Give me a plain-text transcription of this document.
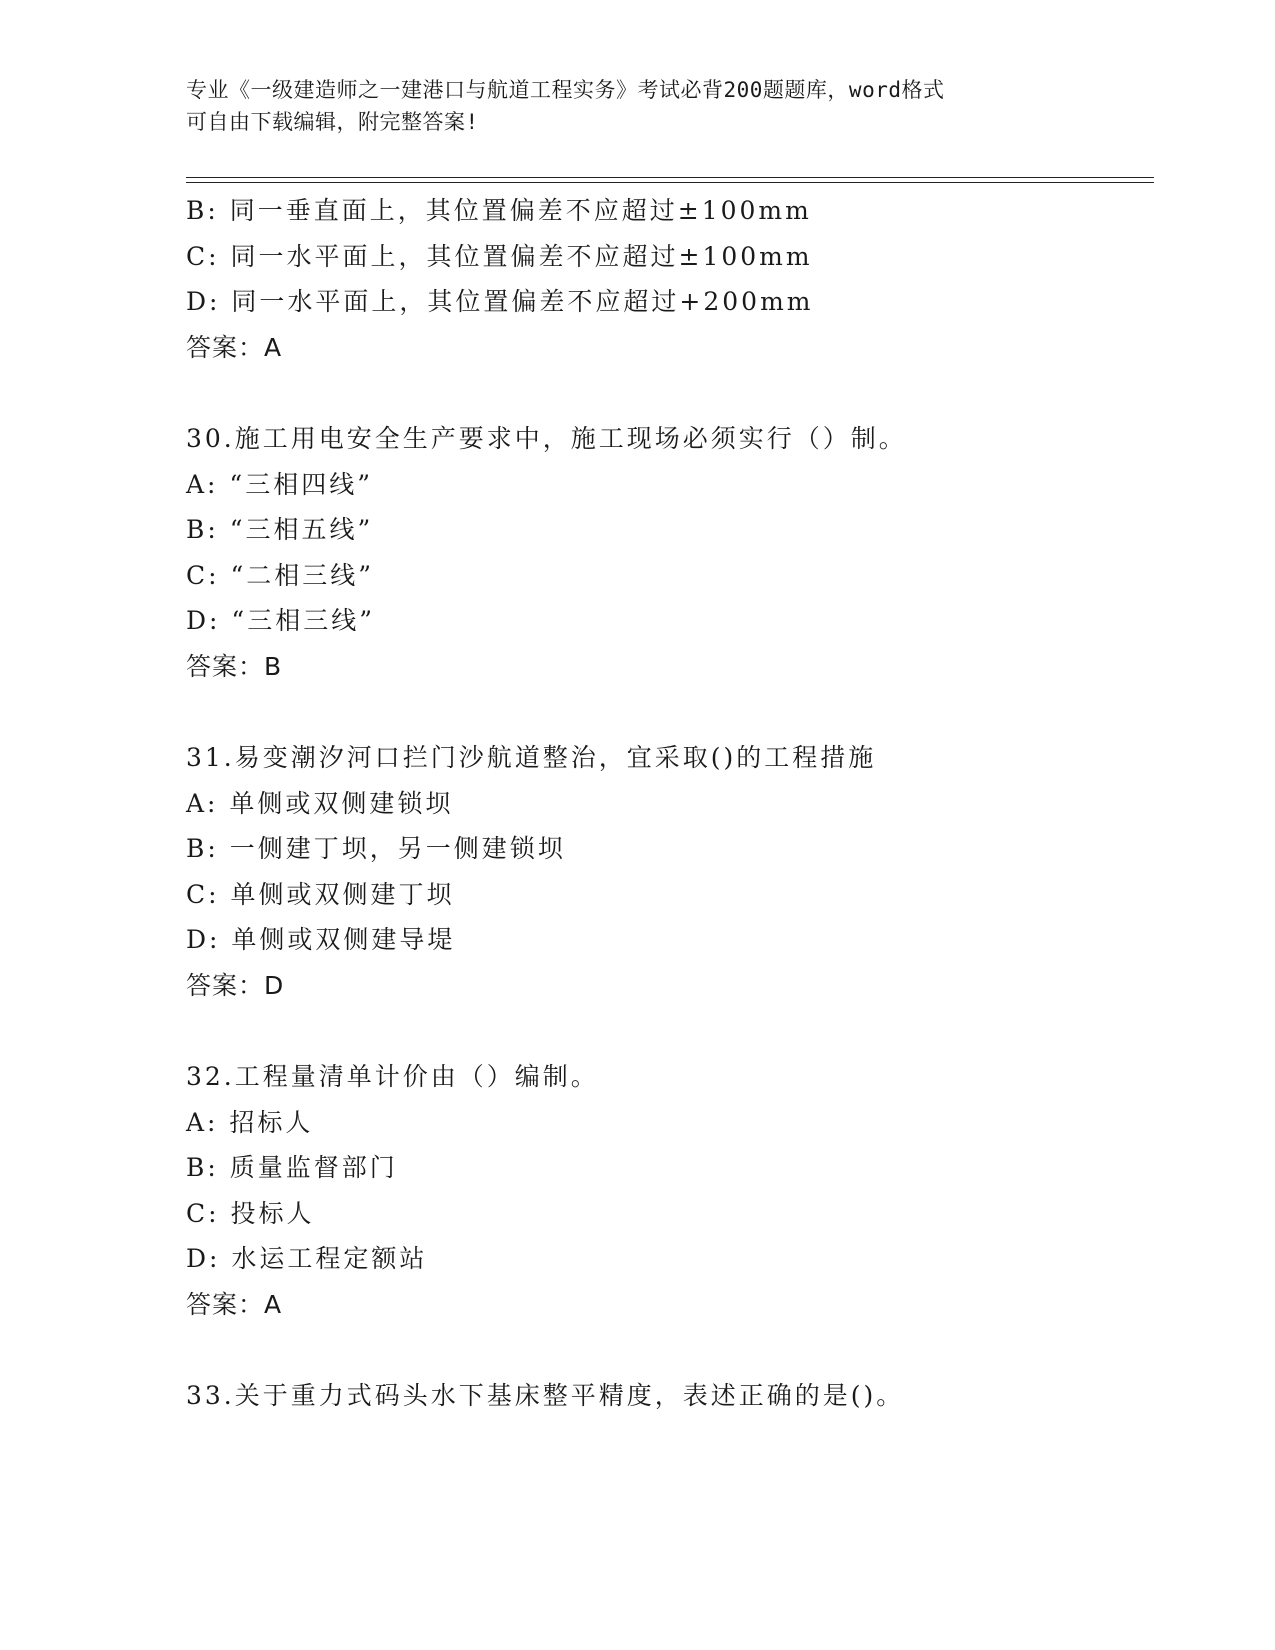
专业《一级建造师之一建港口与航道工程实务》考试必背200题题库，word格式
可自由下载编辑，附完整答案!
B: 同一垂直面上，其位置偏差不应超过±100mm
C: 同一水平面上，其位置偏差不应超过±100mm
D: 同一水平面上，其位置偏差不应超过+200mm
答案：A
30.施工用电安全生产要求中，施工现场必须实行（）制。
A: “三相四线”
B: “三相五线”
C: “二相三线”
D: “三相三线”
答案：B
31.易变潮汐河口拦门沙航道整治，宜采取()的工程措施
A: 单侧或双侧建锁坝
B: 一侧建丁坝，另一侧建锁坝
C: 单侧或双侧建丁坝
D: 单侧或双侧建导堤
答案：D
32.工程量清单计价由（）编制。
A: 招标人
B: 质量监督部门
C: 投标人
D: 水运工程定额站
答案：A
33.关于重力式码头水下基床整平精度，表述正确的是()。
